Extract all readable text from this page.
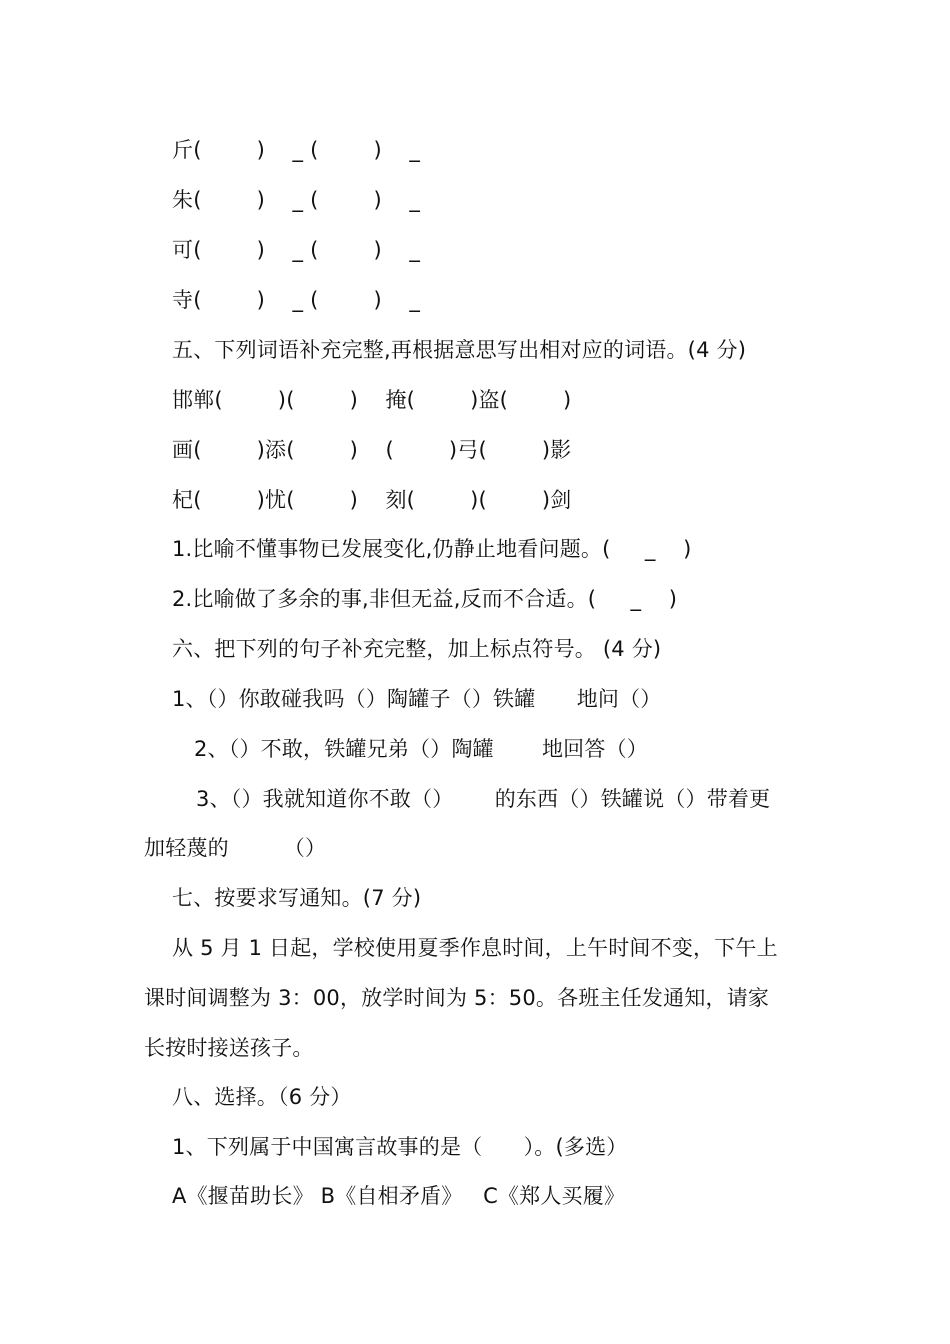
斤(        )    _ (        )    _
朱(        )    _ (        )    _
可(        )    _ (        )    _
寺(        )    _ (        )    _
五、下列词语补充完整,再根据意思写出相对应的词语。(4 分)
邯郸(        )(        )    掩(        )盗(        )
画(        )添(        )    (        )弓(        )影
杞(        )忧(        )    刻(        )(        )剑
1.比喻不懂事物已发展变化,仍静止地看问题。(     _    )
2.比喻做了多余的事,非但无益,反而不合适。(     _    )
六、把下列的句子补充完整，加上标点符号。 (4 分)
1、（）你敢碰我吗（）陶罐子（）铁罐      地问（）
2、（）不敢，铁罐兄弟（）陶罐       地回答（）
3、（）我就知道你不敢（）      的东西（）铁罐说（）带着更
加轻蔑的        （）
七、按要求写通知。(7 分)
从 5 月 1 日起，学校使用夏季作息时间，上午时间不变，下午上
课时间调整为 3：00，放学时间为 5：50。各班主任发通知，请家
长按时接送孩子。
八、选择。（6 分）
1、下列属于中国寓言故事的是（      ）。(多选）
A《揠苗助长》 B《自相矛盾》   C《郑人买履》
